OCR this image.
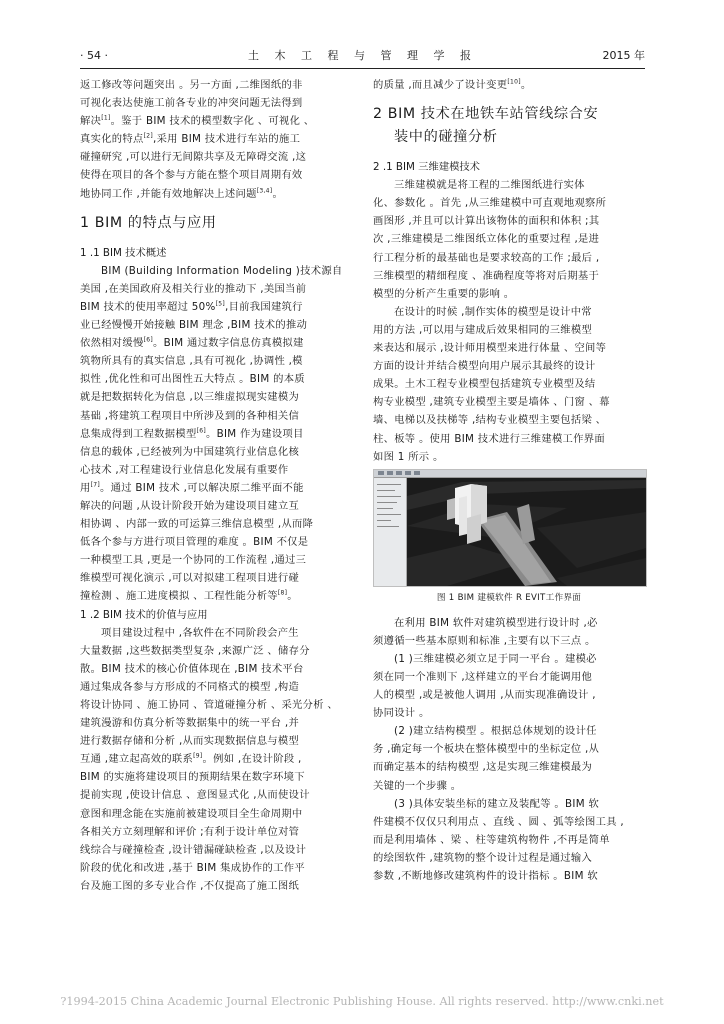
· 54 ·	土 木 工 程 与 管 理 学 报	2015 年
返工修改等问题突出 。另一方面 ,二维图纸的非
可视化表达使施工前各专业的冲突问题无法得到
解决[1]。鉴于 BIM 技术的模型数字化 、可视化 、
真实化的特点[2],采用 BIM 技术进行车站的施工
碰撞研究 ,可以进行无间隙共享及无障碍交流 ,这
使得在项目的各个参与方能在整个项目周期有效
地协同工作 ,并能有效地解决上述问题[3,4]。
1 BIM 的特点与应用
1 .1 BIM 技术概述
BIM (Building Information Modeling )技术源自
美国 ,在美国政府及相关行业的推动下 ,美国当前
BIM 技术的使用率超过 50%[5],目前我国建筑行
业已经慢慢开始接触 BIM 理念 ,BIM 技术的推动
依然相对缓慢[6]。BIM 通过数字信息仿真模拟建
筑物所具有的真实信息 ,具有可视化 ,协调性 ,模
拟性 ,优化性和可出图性五大特点 。BIM 的本质
就是把数据转化为信息 ,以三维虚拟现实建模为
基础 ,将建筑工程项目中所涉及到的各种相关信
息集成得到工程数据模型[6]。BIM 作为建设项目
信息的载体 ,已经被列为中国建筑行业信息化核
心技术 ,对工程建设行业信息化发展有重要作
用[7]。通过 BIM 技术 ,可以解决原二维平面不能
解决的问题 ,从设计阶段开始为建设项目建立互
相协调 、内部一致的可运算三维信息模型 ,从而降
低各个参与方进行项目管理的难度 。BIM 不仅是
一种模型工具 ,更是一个协同的工作流程 ,通过三
维模型可视化演示 ,可以对拟建工程项目进行碰
撞检测 、施工进度模拟 、工程性能分析等[8]。
1 .2 BIM 技术的价值与应用
项目建设过程中 ,各软件在不同阶段会产生
大量数据 ,这些数据类型复杂 ,来源广泛 、储存分
散。BIM 技术的核心价值体现在 ,BIM 技术平台
通过集成各参与方形成的不同格式的模型 ,构造
将设计协同 、施工协同 、管道碰撞分析 、采光分析 、
建筑漫游和仿真分析等数据集中的统一平台 ,并
进行数据存储和分析 ,从而实现数据信息与模型
互通 ,建立起高效的联系[9]。例如 ,在设计阶段 ,
BIM 的实施将建设项目的预期结果在数字环境下
提前实现 ,使设计信息 、意图显式化 ,从而使设计
意图和理念能在实施前被建设项目全生命周期中
各相关方立刻理解和评价 ;有利于设计单位对管
线综合与碰撞检查 ,设计错漏碰缺检查 ,以及设计
阶段的优化和改进 ,基于 BIM 集成协作的工作平
台及施工图的多专业合作 ,不仅提高了施工图纸
的质量 ,而且减少了设计变更[10]。
2 BIM 技术在地铁车站管线综合安
装中的碰撞分析
2 .1 BIM 三维建模技术
三维建模就是将工程的二维图纸进行实体
化、参数化 。首先 ,从三维建模中可直观地观察所
画图形 ,并且可以计算出该物体的面积和体积 ;其
次 ,三维建模是二维图纸立体化的重要过程 ,是进
行工程分析的最基础也是要求较高的工作 ;最后 ,
三维模型的精细程度 、准确程度等将对后期基于
模型的分析产生重要的影响 。
在设计的时候 ,制作实体的模型是设计中常
用的方法 ,可以用与建成后效果相同的三维模型
来表达和展示 ,设计师用模型来进行体量 、空间等
方面的设计并结合模型向用户展示其最终的设计
成果。土木工程专业模型包括建筑专业模型及结
构专业模型 ,建筑专业模型主要是墙体 、门窗 、幕
墙、电梯以及扶梯等 ,结构专业模型主要包括梁 、
柱、板等 。使用 BIM 技术进行三维建模工作界面
如图 1 所示 。
图 1 BIM 建模软件 R EVIT工作界面
在利用 BIM 软件对建筑模型进行设计时 ,必
须遵循一些基本原则和标准 ,主要有以下三点 。
(1 )三维建模必须立足于同一平台 。建模必
须在同一个准则下 ,这样建立的平台才能调用他
人的模型 ,或是被他人调用 ,从而实现准确设计 ,
协同设计 。
(2 )建立结构模型 。根据总体规划的设计任
务 ,确定每一个板块在整体模型中的坐标定位 ,从
而确定基本的结构模型 ,这是实现三维建模最为
关键的一个步骤 。
(3 )具体安装坐标的建立及装配等 。BIM 软
件建模不仅仅只利用点 、直线 、圆 、弧等绘图工具 ,
而是利用墙体 、梁 、柱等建筑构物件 ,不再是简单
的绘图软件 ,建筑物的整个设计过程是通过输入
参数 ,不断地修改建筑构件的设计指标 。BIM 软
?1994-2015 China Academic Journal Electronic Publishing House. All rights reserved. http://www.cnki.net
